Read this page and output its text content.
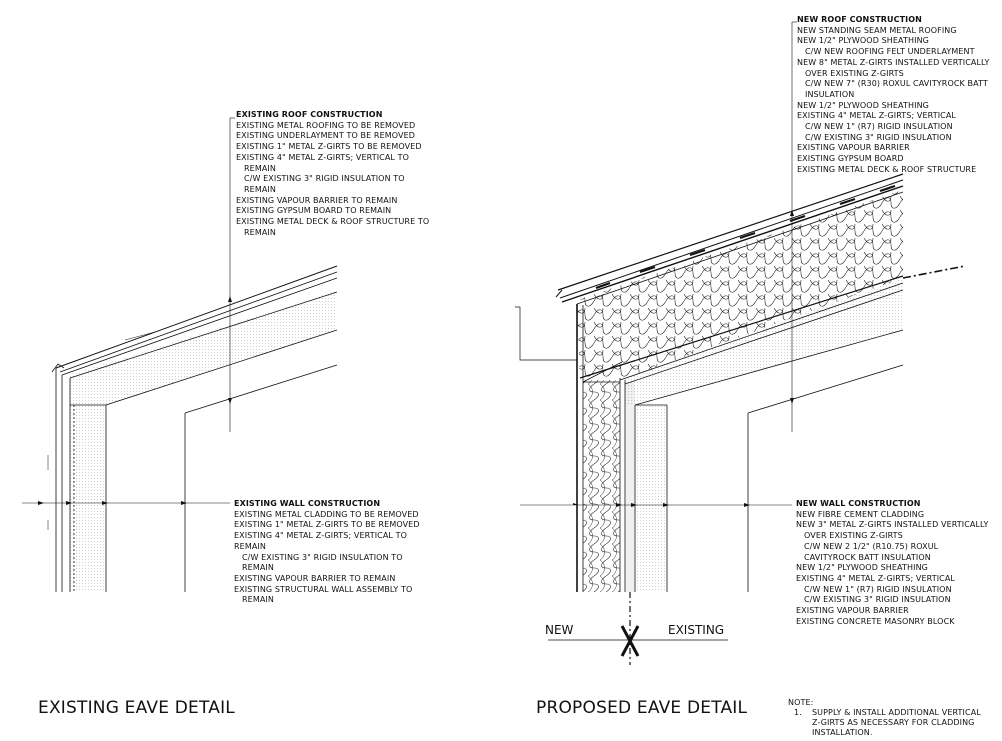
EXISTING ROOF CONSTRUCTION
EXISTING METAL ROOFING TO BE REMOVED
EXISTING UNDERLAYMENT TO BE REMOVED
EXISTING 1" METAL Z-GIRTS TO BE REMOVED
EXISTING 4" METAL Z-GIRTS; VERTICAL TO
REMAIN
C/W EXISTING 3" RIGID INSULATION TO
REMAIN
EXISTING VAPOUR BARRIER TO REMAIN
EXISTING GYPSUM BOARD TO REMAIN
EXISTING METAL DECK & ROOF STRUCTURE TO
REMAIN
EXISTING WALL CONSTRUCTION
EXISTING METAL CLADDING TO BE REMOVED
EXISTING 1" METAL Z-GIRTS TO BE REMOVED
EXISTING 4" METAL Z-GIRTS; VERTICAL TO
REMAIN
C/W EXISTING 3" RIGID INSULATION TO
REMAIN
EXISTING VAPOUR BARRIER TO REMAIN
EXISTING STRUCTURAL WALL ASSEMBLY TO
REMAIN
NEW ROOF CONSTRUCTION
NEW STANDING SEAM METAL ROOFING
NEW 1/2" PLYWOOD SHEATHING
C/W NEW ROOFING FELT UNDERLAYMENT
NEW 8" METAL Z-GIRTS INSTALLED VERTICALLY
OVER EXISTING Z-GIRTS
C/W NEW 7" (R30) ROXUL CAVITYROCK BATT
INSULATION
NEW 1/2" PLYWOOD SHEATHING
EXISTING 4" METAL Z-GIRTS; VERTICAL
C/W NEW 1" (R7) RIGID INSULATION
C/W EXISTING 3" RIGID INSULATION
EXISTING VAPOUR BARRIER
EXISTING GYPSUM BOARD
EXISTING METAL DECK & ROOF STRUCTURE
NEW WALL CONSTRUCTION
NEW FIBRE CEMENT CLADDING
NEW 3" METAL Z-GIRTS INSTALLED VERTICALLY
OVER EXISTING Z-GIRTS
C/W NEW 2 1/2" (R10.75) ROXUL
CAVITYROCK BATT INSULATION
NEW 1/2" PLYWOOD SHEATHING
EXISTING 4" METAL Z-GIRTS; VERTICAL
C/W NEW 1" (R7) RIGID INSULATION
C/W EXISTING 3" RIGID INSULATION
EXISTING VAPOUR BARRIER
EXISTING CONCRETE MASONRY BLOCK
NEW	EXISTING
EXISTING EAVE DETAIL	PROPOSED EAVE DETAIL	NOTE:
1. SUPPLY & INSTALL ADDITIONAL VERTICAL
Z-GIRTS AS NECESSARY FOR CLADDING
INSTALLATION.
